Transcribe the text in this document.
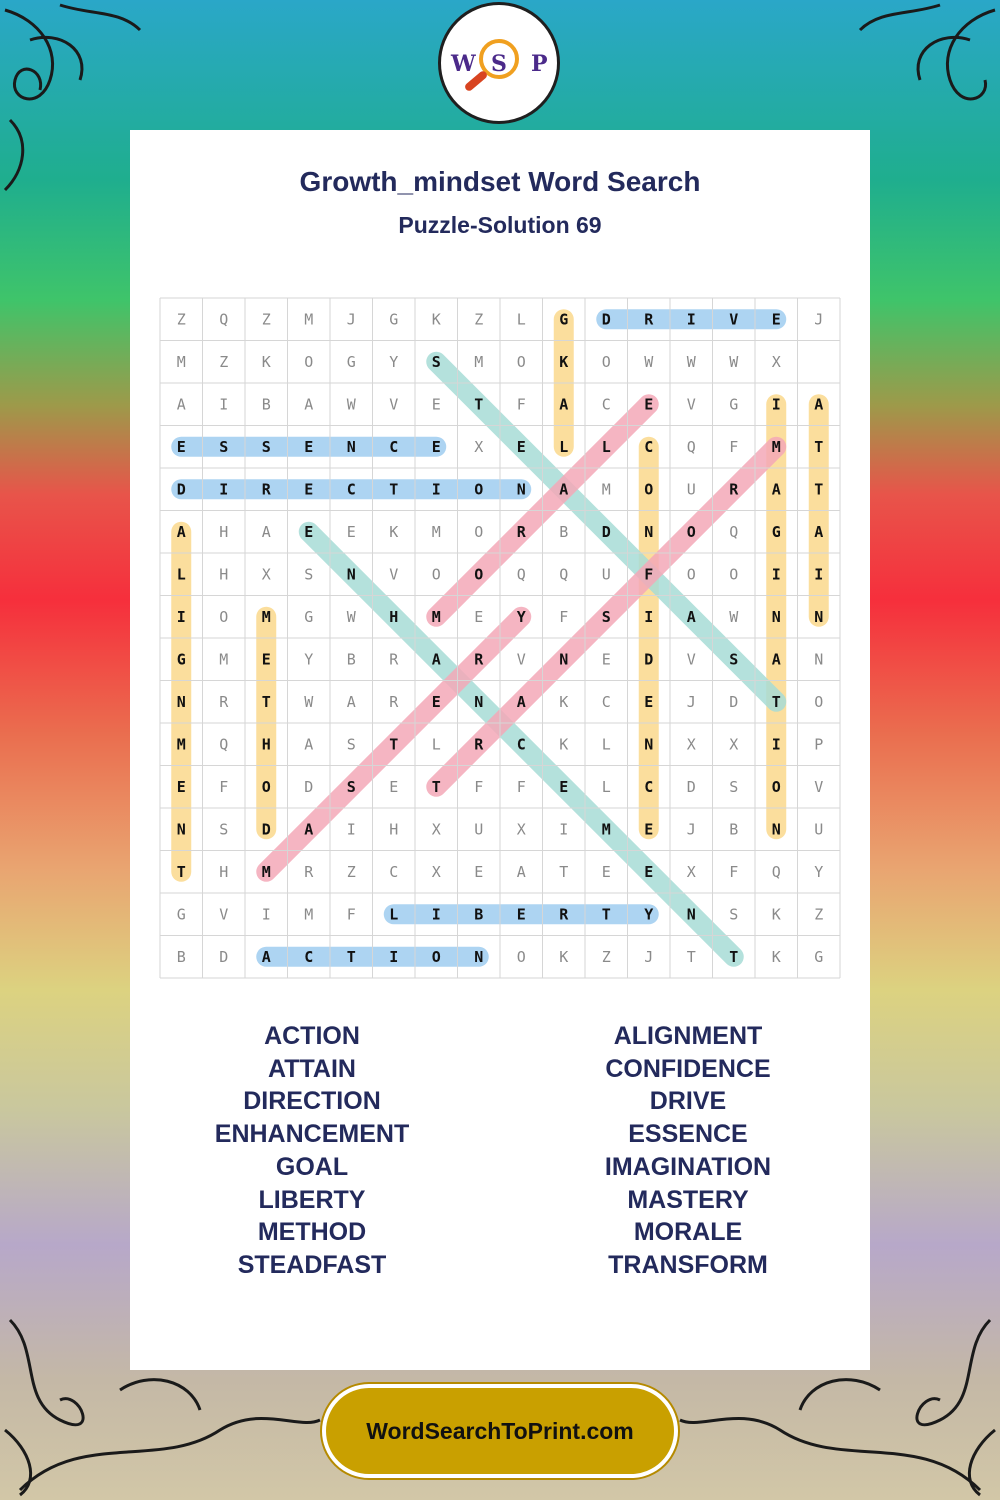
W S P
Growth_mindset Word Search
Puzzle-Solution 69
Z Q Z M J G K Z L G D R I V E J
M Z K O G Y S M O K O W W W X
A I B A W V E T F A C E V G I A
E S S E N C E X E L L C Q F M T
D I R E C T I O N A M O U R A T
A H A E E K M O R B D N O Q G A
L H X S N V O O Q Q U F O O I I
I O M G W H M E Y F S I A W N N
G M E Y B R A R V N E D V S A N
N R T W A R E N A K C E J D T O
M Q H A S T L R C K L N X X I P
E F O D S E T F F E L C D S O V
N S D A I H X U X I M E J B N U
T H M R Z C X E A T E E X F Q Y
G V I M F L I B E R T Y N S K Z
B D A C T I O N O K Z J T T K G
ACTION
ATTAIN
DIRECTION
ENHANCEMENT
GOAL
LIBERTY
METHOD
STEADFAST
ALIGNMENT
CONFIDENCE
DRIVE
ESSENCE
IMAGINATION
MASTERY
MORALE
TRANSFORM
WordSearchToPrint.com
